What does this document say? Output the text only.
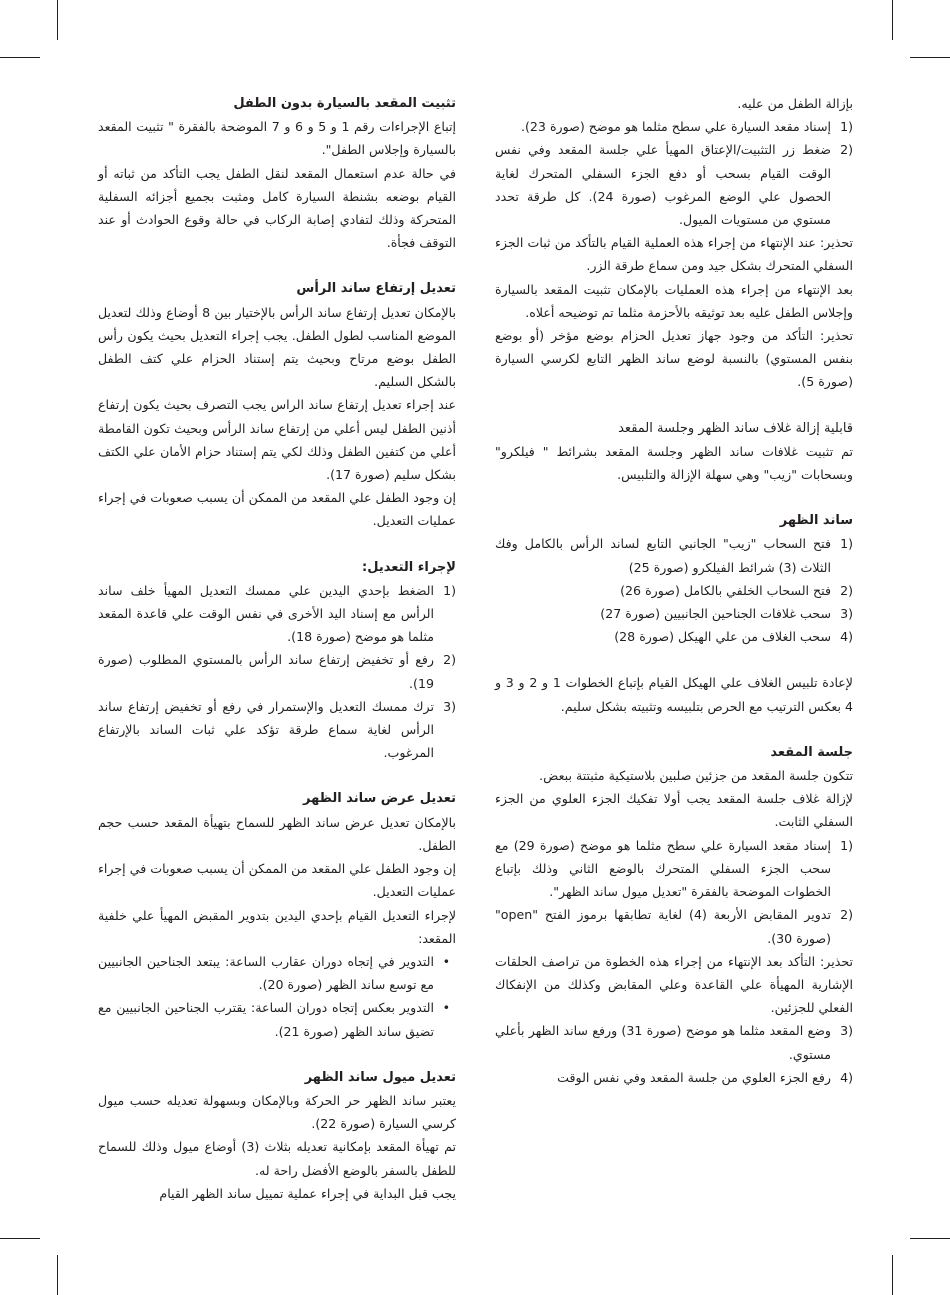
تثبيت المقعد بالسيارة بدون الطفل

إتباع الإجراءات رقم 1 و 5 و 6 و 7 الموضحة بالفقرة " تثبيت المقعد بالسيارة وإجلاس الطفل".

في حالة عدم استعمال المقعد لنقل الطفل يجب التأكد من ثباته أو القيام بوضعه بشنطة السيارة كامل ومثبت بجميع أجزائه السفلية المتحركة وذلك لتفادي إصابة الركاب في حالة وقوع الحوادث أو عند التوقف فجأة.

تعديل إرتفاع ساند الرأس

بالإمكان تعديل إرتفاع ساند الرأس بالإختيار بين 8 أوضاع وذلك لتعديل الموضع المناسب لطول الطفل. يجب إجراء التعديل بحيث يكون رأس الطفل بوضع مرتاح وبحيث يتم إستناد الحزام علي كتف الطفل بالشكل السليم.

عند إجراء تعديل إرتفاع ساند الراس يجب التصرف بحيث يكون إرتفاع أذنين الطفل ليس أعلي من إرتفاع ساند الرأس وبحيث تكون القامطة أعلي من كتفين الطفل وذلك لكي يتم إستناد حزام الأمان علي الكتف بشكل سليم (صورة 17).

إن وجود الطفل علي المقعد من الممكن أن يسبب صعوبات في إجراء عمليات التعديل.

لإجراء التعديل:
1)
الضغط بإحدي اليدين علي ممسك التعديل المهيأ خلف ساند الرأس مع إسناد اليد الأخرى في نفس الوقت علي قاعدة المقعد مثلما هو موضح (صورة 18).
2)
رفع أو تخفيض إرتفاع ساند الرأس بالمستوي المطلوب (صورة 19).
3)
ترك ممسك التعديل والإستمرار في رفع أو تخفيض إرتفاع ساند الرأس لغاية سماع طرقة تؤكد علي ثبات الساند بالإرتفاع المرغوب.
تعديل عرض ساند الظهر

بالإمكان تعديل عرض ساند الظهر للسماح بتهيأة المقعد حسب حجم الطفل.

إن وجود الطفل علي المقعد من الممكن أن يسبب صعوبات في إجراء عمليات التعديل.

لإجراء التعديل القيام بإحدي اليدين بتدوير المقبض المهيأ علي خلفية المقعد:

•
التدوير في إتجاه دوران عقارب الساعة: يبتعد الجناحين الجانبيين مع توسع ساند الظهر (صورة 20).
•
التدوير بعكس إتجاه دوران الساعة: يقترب الجناحين الجانبيين مع تضيق ساند الظهر (صورة 21).
تعديل ميول ساند الظهر

يعتبر ساند الظهر حر الحركة وبالإمكان وبسهولة تعديله حسب ميول كرسي السيارة (صورة 22).

تم تهيأة المقعد بإمكانية تعديله بثلاث (3) أوضاع ميول وذلك للسماح للطفل بالسفر بالوضع الأفضل راحة له.

يجب قبل البداية في إجراء عملية تمييل ساند الظهر القيام

بإزالة الطفل من عليه.

1)
إسناد مقعد السيارة علي سطح مثلما هو موضح (صورة 23).
2)
ضغط زر التثبيت/الإعتاق المهيأ علي جلسة المقعد وفي نفس الوقت القيام بسحب أو دفع الجزء السفلي المتحرك لغاية الحصول علي الوضع المرغوب (صورة 24). كل طرقة تحدد مستوي من مستويات الميول.

تحذير: عند الإنتهاء من إجراء هذه العملية القيام بالتأكد من ثبات الجزء السفلي المتحرك بشكل جيد ومن سماع طرقة الزر.

بعد الإنتهاء من إجراء هذه العمليات بالإمكان تثبيت المقعد بالسيارة وإجلاس الطفل عليه بعد توثيقه بالأحزمة مثلما تم توضيحه أعلاه.

تحذير: التأكد من وجود جهاز تعديل الحزام بوضع مؤخر (أو بوضع بنفس المستوي) بالنسبة لوضع ساند الظهر التابع لكرسي السيارة (صورة 5).

قابلية إزالة غلاف ساند الظهر وجلسة المقعد

تم تثبيت غلافات ساند الظهر وجلسة المقعد بشرائط " فيلكرو" وبسحابات "زيب" وهي سهلة الإزالة والتلبيس.

ساند الظهر
1)
فتح السحاب "زيب" الجانبي التابع لساند الرأس بالكامل وفك الثلاث (3) شرائط الفيلكرو (صورة 25)
2)
فتح السحاب الخلفي بالكامل (صورة 26)
3)
سحب غلافات الجناحين الجانبيين (صورة 27)
4)
سحب الغلاف من علي الهيكل (صورة 28)

لإعادة تلبيس الغلاف علي الهيكل القيام بإتباع الخطوات 1 و 2 و 3 و 4 بعكس الترتيب مع الحرص بتلبيسه وتثبيته بشكل سليم.

جلسة المقعد

تتكون جلسة المقعد من جزئين صلبين بلاستيكية مثبتتة ببعض.

لإزالة غلاف جلسة المقعد يجب أولا تفكيك الجزء العلوي من الجزء السفلي الثابت.

1)
إسناد مقعد السيارة علي سطح مثلما هو موضح (صورة 29) مع سحب الجزء السفلي المتحرك بالوضع الثاني وذلك بإتباع الخطوات الموضحة بالفقرة "تعديل ميول ساند الظهر".
2)
تدوير المقابض الأربعة (4) لغاية تطابقها برموز الفتح "open" (صورة 30).

تحذير: التأكد بعد الإنتهاء من إجراء هذه الخطوة من تراصف الحلقات الإشارية المهيأة علي القاعدة وعلي المقابض وكذلك من الإنفكاك الفعلي للجزئين.

3)
وضع المقعد مثلما هو موضح (صورة 31) ورفع ساند الظهر بأعلي مستوي.
4)
رفع الجزء العلوي من جلسة المقعد وفي نفس الوقت
